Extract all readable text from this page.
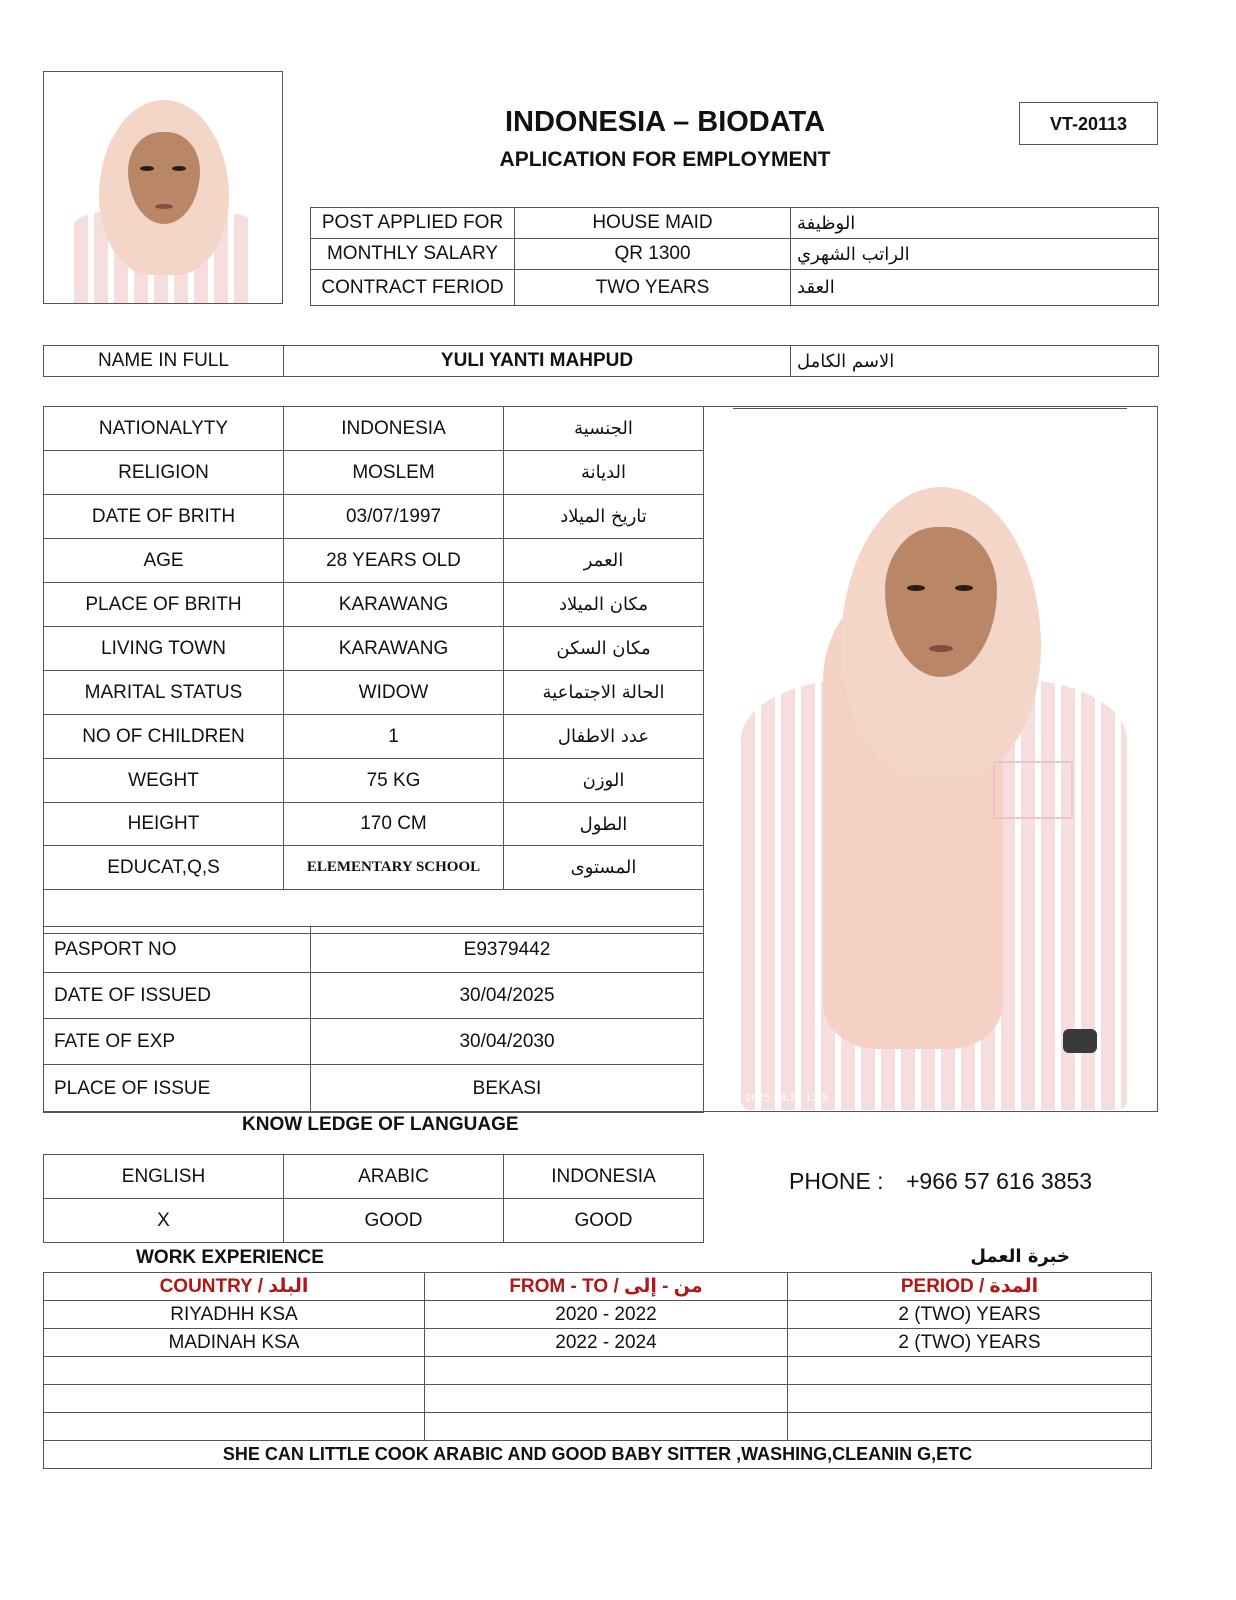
INDONESIA – BIODATA
APLICATION FOR EMPLOYMENT
VT-20113
POST APPLIED FOR	HOUSE MAID	الوظيفة
MONTHLY SALARY	QR 1300	الراتب الشهري
CONTRACT FERIOD	TWO YEARS	العقد
NAME IN FULL	YULI YANTI MAHPUD	الاسم الكامل
NATIONALYTY	INDONESIA	الجنسية
RELIGION	MOSLEM	الديانة
DATE OF BRITH	03/07/1997	تاريخ الميلاد
AGE	28 YEARS OLD	العمر
PLACE OF BRITH	KARAWANG	مكان الميلاد
LIVING TOWN	KARAWANG	مكان السكن
MARITAL STATUS	WIDOW	الحالة الاجتماعية
NO OF CHILDREN	1	عدد الاطفال
WEGHT	75 KG	الوزن
HEIGHT	170 CM	الطول
EDUCAT,Q,S	ELEMENTARY SCHOOL	المستوى

PASPORT NO	E9379442
DATE OF ISSUED	30/04/2025
FATE OF EXP	30/04/2030
PLACE OF ISSUE	BEKASI	2025.04.28 13:5
KNOW LEDGE OF LANGUAGE
ENGLISH	ARABIC	INDONESIA
X	GOOD	GOOD
PHONE : +966 57 616 3853
WORK EXPERIENCE	خبرة العمل
COUNTRY / البلد	FROM - TO / من - إلى	PERIOD / المدة
RIYADHH KSA	2020 - 2022	2 (TWO) YEARS
MADINAH KSA	2022 - 2024	2 (TWO) YEARS

SHE CAN LITTLE COOK ARABIC AND GOOD BABY SITTER ,WASHING,CLEANIN G,ETC		
